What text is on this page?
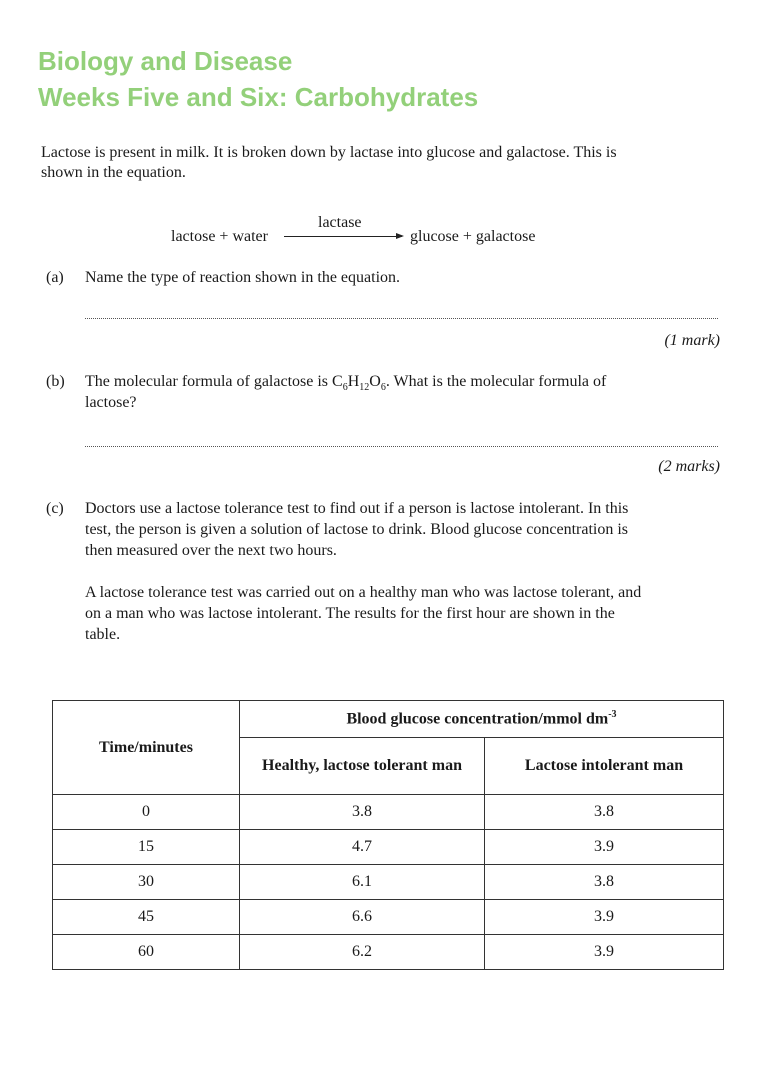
Biology and Disease
Weeks Five and Six: Carbohydrates
Lactose is present in milk. It is broken down by lactase into glucose and galactose. This is
shown in the equation.
lactase
lactose + water	glucose + galactose
(a) Name the type of reaction shown in the equation.
(1 mark)
(b) The molecular formula of galactose is $C_6H_{12}O_6$. What is the molecular formula of
lactose?
(2 marks)
(c) Doctors use a lactose tolerance test to find out if a person is lactose intolerant. In this
test, the person is given a solution of lactose to drink. Blood glucose concentration is
then measured over the next two hours.
A lactose tolerance test was carried out on a healthy man who was lactose tolerant, and
on a man who was lactose intolerant. The results for the first hour are shown in the
table.
Time/minutes	Blood glucose concentration/mmol $dm^{-3}$
	Healthy, lactose tolerant man	Lactose intolerant man
0	3.8	3.8
15	4.7	3.9
30	6.1	3.8
45	6.6	3.9
60	6.2	3.9
